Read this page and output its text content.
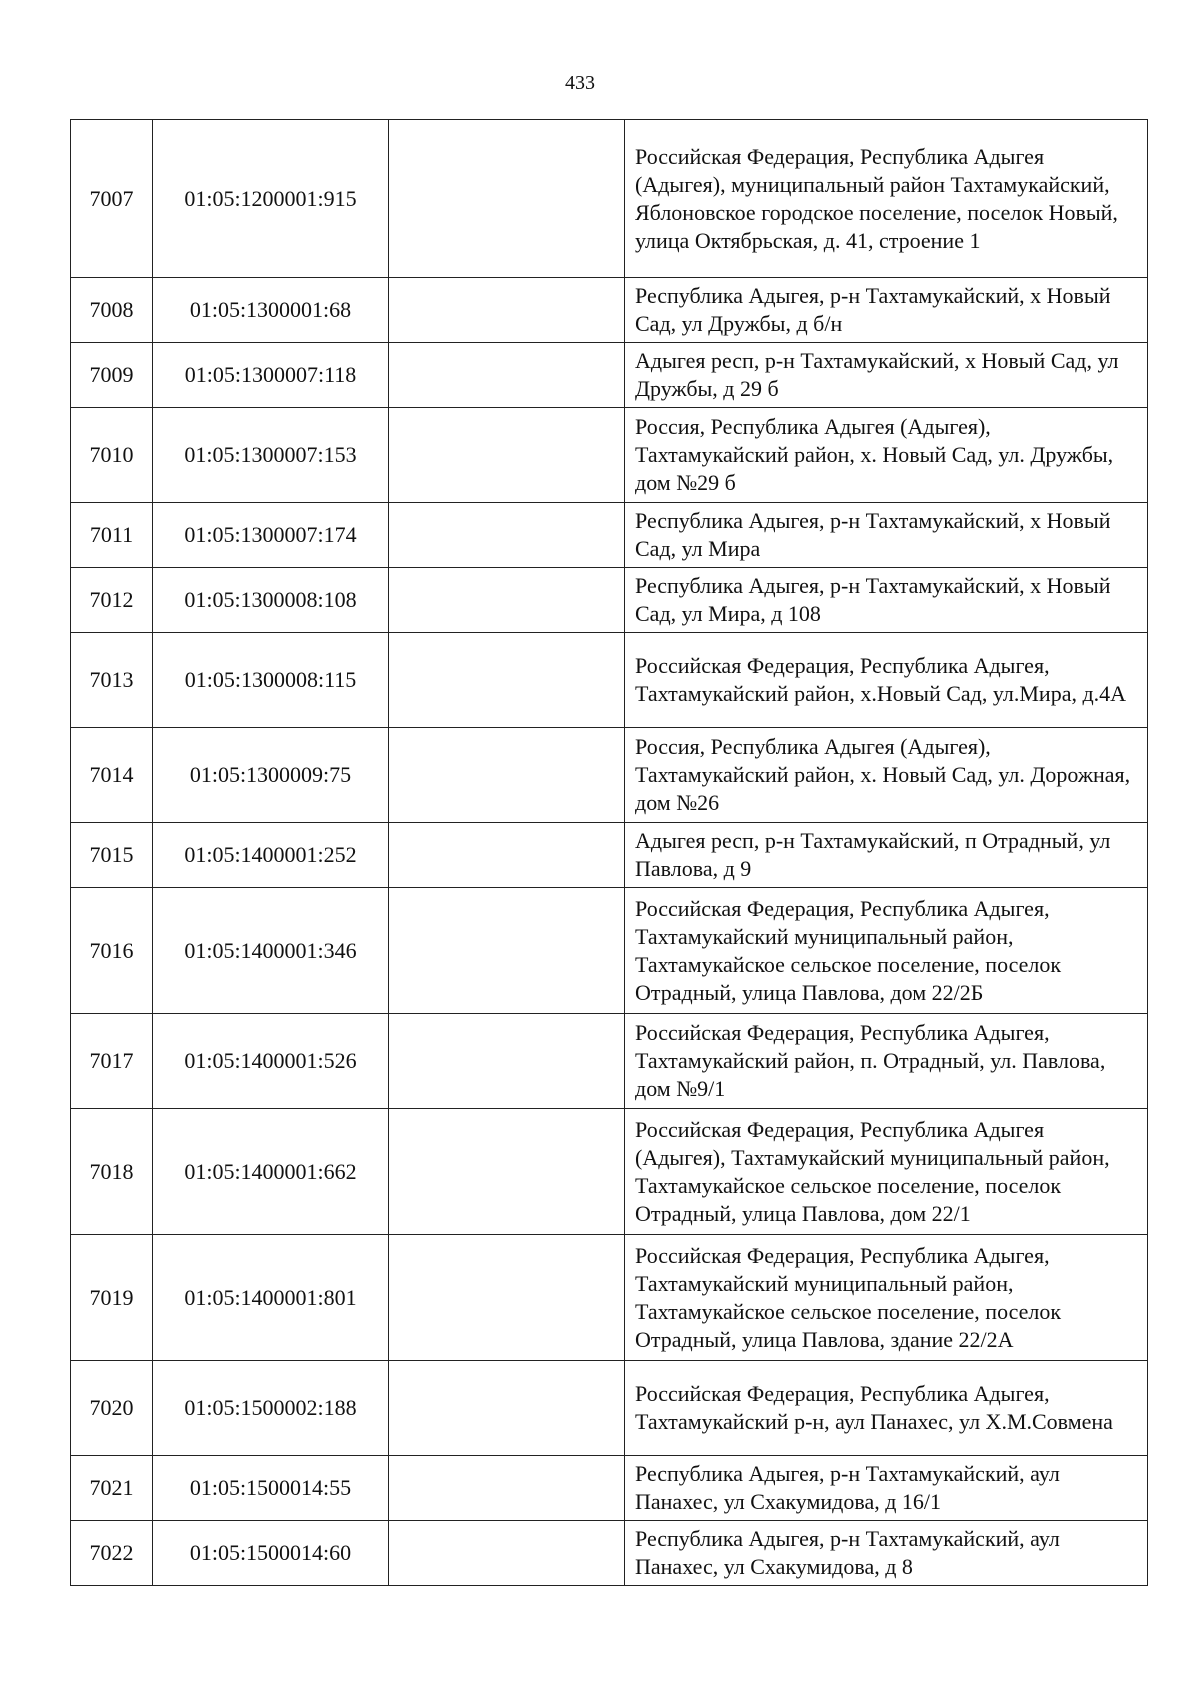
433
7007	01:05:1200001:915		Российская Федерация, Республика Адыгея (Адыгея), муниципальный район Тахтамукайский, Яблоновское городское поселение, поселок Новый, улица Октябрьская, д. 41, строение 1
7008	01:05:1300001:68		Республика Адыгея, р-н Тахтамукайский, х Новый Сад, ул Дружбы, д б/н
7009	01:05:1300007:118		Адыгея респ, р-н Тахтамукайский, х Новый Сад, ул Дружбы, д 29 б
7010	01:05:1300007:153		Россия, Республика Адыгея (Адыгея), Тахтамукайский район, х. Новый Сад, ул. Дружбы, дом №29 б
7011	01:05:1300007:174		Республика Адыгея, р-н Тахтамукайский, х Новый Сад, ул Мира
7012	01:05:1300008:108		Республика Адыгея, р-н Тахтамукайский, х Новый Сад, ул Мира, д 108
7013	01:05:1300008:115		Российская Федерация, Республика Адыгея, Тахтамукайский район, х.Новый Сад, ул.Мира, д.4А
7014	01:05:1300009:75		Россия, Республика Адыгея (Адыгея), Тахтамукайский район, х. Новый Сад, ул. Дорожная, дом №26
7015	01:05:1400001:252		Адыгея респ, р-н Тахтамукайский, п Отрадный, ул Павлова, д 9
7016	01:05:1400001:346		Российская Федерация, Республика Адыгея, Тахтамукайский муниципальный район, Тахтамукайское сельское поселение, поселок Отрадный, улица Павлова, дом 22/2Б
7017	01:05:1400001:526		Российская Федерация, Республика Адыгея, Тахтамукайский район, п. Отрадный, ул. Павлова, дом №9/1
7018	01:05:1400001:662		Российская Федерация, Республика Адыгея (Адыгея), Тахтамукайский муниципальный район, Тахтамукайское сельское поселение, поселок Отрадный, улица Павлова, дом 22/1
7019	01:05:1400001:801		Российская Федерация, Республика Адыгея, Тахтамукайский муниципальный район, Тахтамукайское сельское поселение, поселок Отрадный, улица Павлова, здание 22/2А
7020	01:05:1500002:188		Российская Федерация, Республика Адыгея, Тахтамукайский р-н, аул Панахес, ул Х.М.Совмена
7021	01:05:1500014:55		Республика Адыгея, р-н Тахтамукайский, аул Панахес, ул Схакумидова, д 16/1
7022	01:05:1500014:60		Республика Адыгея, р-н Тахтамукайский, аул Панахес, ул Схакумидова, д 8
